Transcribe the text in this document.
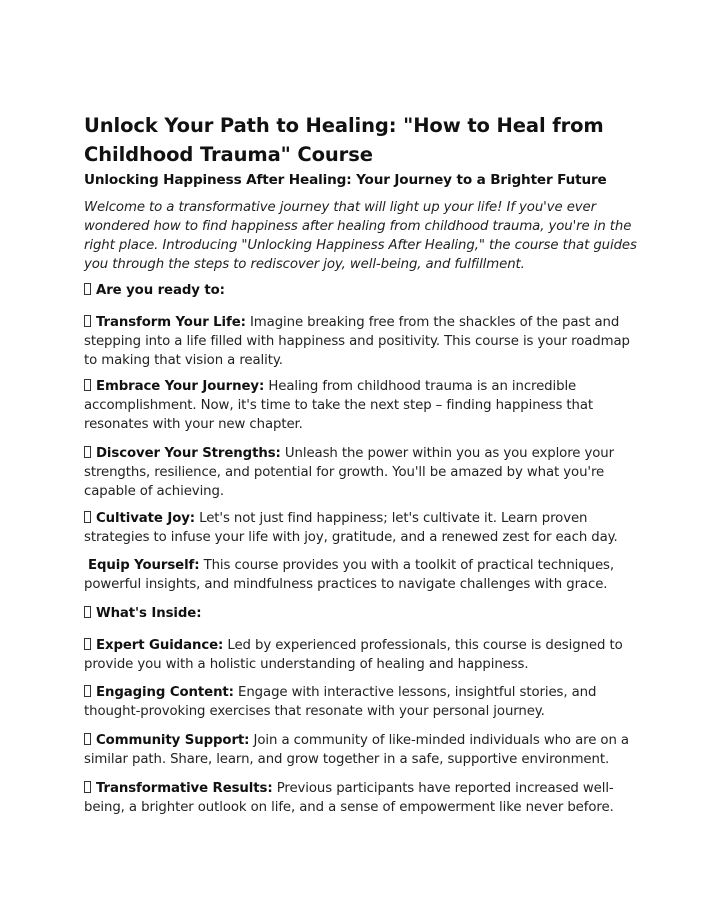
Unlock Your Path to Healing: "How to Heal from Childhood Trauma" Course
Unlocking Happiness After Healing: Your Journey to a Brighter Future

Welcome to a transformative journey that will light up your life! If you've ever wondered how to find happiness after healing from childhood trauma, you're in the right place. Introducing "Unlocking Happiness After Healing," the course that guides you through the steps to rediscover joy, well-being, and fulfillment.

Are you ready to:

Transform Your Life: Imagine breaking free from the shackles of the past and stepping into a life filled with happiness and positivity. This course is your roadmap to making that vision a reality.

Embrace Your Journey: Healing from childhood trauma is an incredible accomplishment. Now, it's time to take the next step – finding happiness that resonates with your new chapter.

Discover Your Strengths: Unleash the power within you as you explore your strengths, resilience, and potential for growth. You'll be amazed by what you're capable of achieving.

Cultivate Joy: Let's not just find happiness; let's cultivate it. Learn proven strategies to infuse your life with joy, gratitude, and a renewed zest for each day.

Equip Yourself: This course provides you with a toolkit of practical techniques, powerful insights, and mindfulness practices to navigate challenges with grace.

What's Inside:

Expert Guidance: Led by experienced professionals, this course is designed to provide you with a holistic understanding of healing and happiness.

Engaging Content: Engage with interactive lessons, insightful stories, and thought-provoking exercises that resonate with your personal journey.

Community Support: Join a community of like-minded individuals who are on a similar path. Share, learn, and grow together in a safe, supportive environment.

Transformative Results: Previous participants have reported increased well-being, a brighter outlook on life, and a sense of empowerment like never before.
